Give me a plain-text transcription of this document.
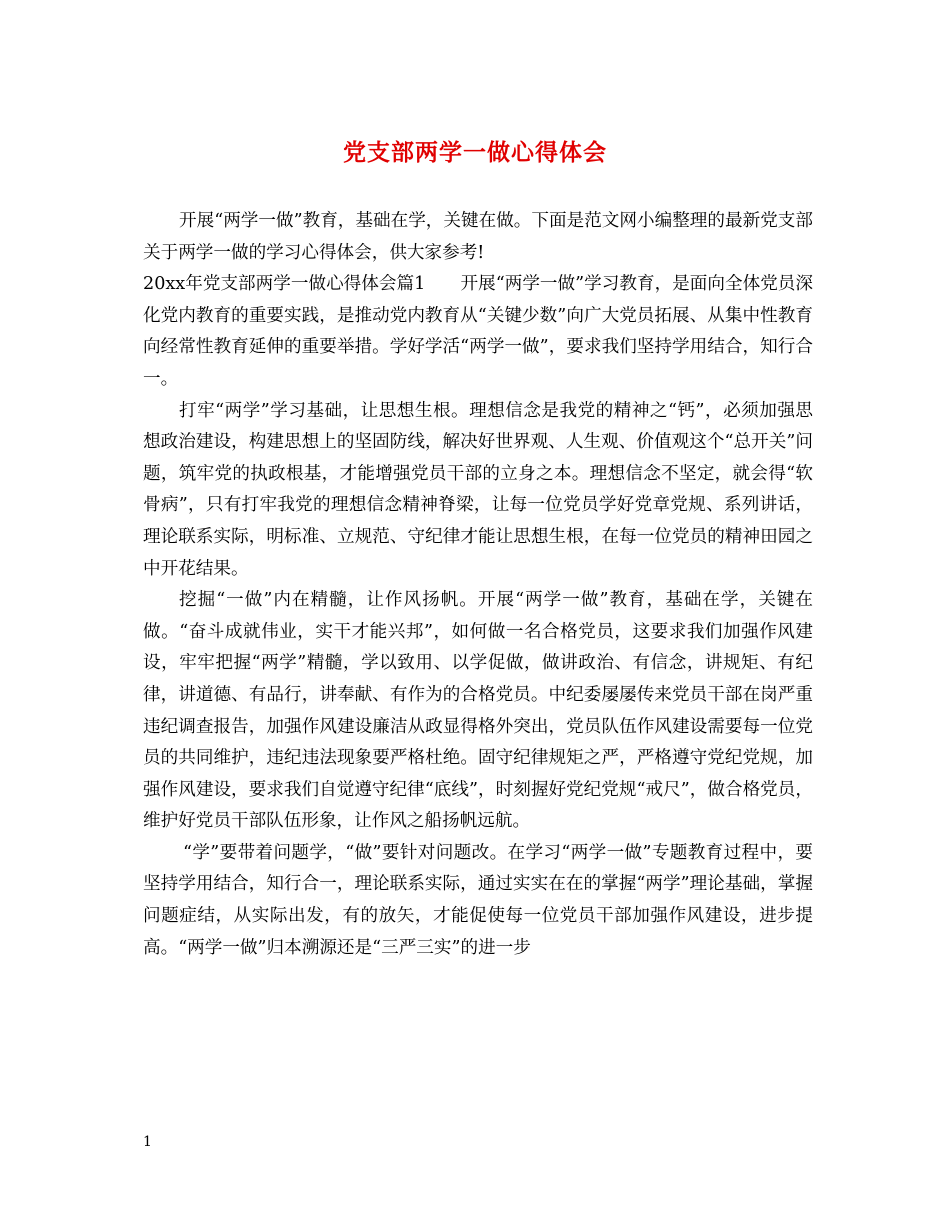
党支部两学一做心得体会

开展“两学一做”教育，基础在学，关键在做。下面是范文网小编整理的最新党支部关于两学一做的学习心得体会，供大家参考!

20xx年党支部两学一做心得体会篇1　　开展“两学一做”学习教育，是面向全体党员深化党内教育的重要实践，是推动党内教育从“关键少数”向广大党员拓展、从集中性教育向经常性教育延伸的重要举措。学好学活“两学一做”，要求我们坚持学用结合，知行合一。

打牢“两学”学习基础，让思想生根。理想信念是我党的精神之“钙”，必须加强思想政治建设，构建思想上的坚固防线，解决好世界观、人生观、价值观这个“总开关”问题，筑牢党的执政根基，才能增强党员干部的立身之本。理想信念不坚定，就会得“软骨病”，只有打牢我党的理想信念精神脊梁，让每一位党员学好党章党规、系列讲话，理论联系实际，明标准、立规范、守纪律才能让思想生根，在每一位党员的精神田园之中开花结果。

挖掘“一做”内在精髓，让作风扬帆。开展“两学一做”教育，基础在学，关键在做。“奋斗成就伟业，实干才能兴邦”，如何做一名合格党员，这要求我们加强作风建设，牢牢把握“两学”精髓，学以致用、以学促做，做讲政治、有信念，讲规矩、有纪律，讲道德、有品行，讲奉献、有作为的合格党员。中纪委屡屡传来党员干部在岗严重违纪调查报告，加强作风建设廉洁从政显得格外突出，党员队伍作风建设需要每一位党员的共同维护，违纪违法现象要严格杜绝。固守纪律规矩之严，严格遵守党纪党规，加强作风建设，要求我们自觉遵守纪律“底线”，时刻握好党纪党规“戒尺”，做合格党员，维护好党员干部队伍形象，让作风之船扬帆远航。

“学”要带着问题学，“做”要针对问题改。在学习“两学一做”专题教育过程中，要坚持学用结合，知行合一，理论联系实际，通过实实在在的掌握“两学”理论基础，掌握问题症结，从实际出发，有的放矢，才能促使每一位党员干部加强作风建设，进步提高。“两学一做”归本溯源还是“三严三实”的进一步

1
